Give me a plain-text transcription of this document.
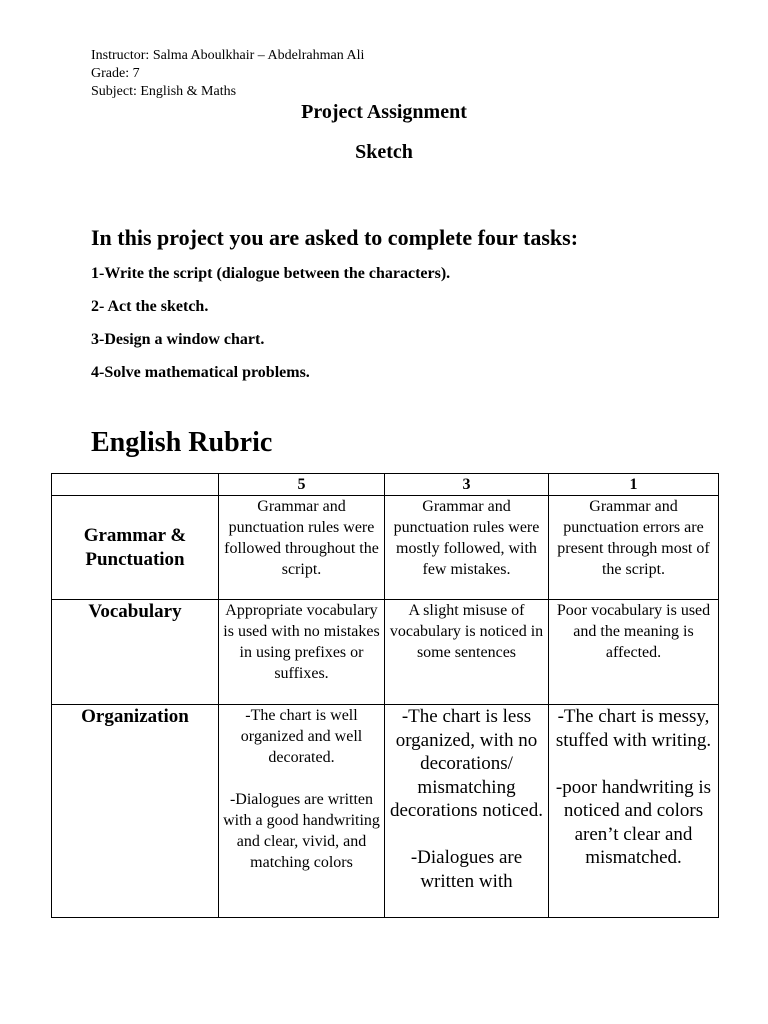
Instructor: Salma Aboulkhair – Abdelrahman Ali
Grade: 7
Subject: English & Maths
Project Assignment
Sketch
In this project you are asked to complete four tasks:
1-Write the script (dialogue between the characters).
2- Act the sketch.
3-Design a window chart.
4-Solve mathematical problems.
English Rubric
	5	3	1
Grammar & Punctuation	Grammar and punctuation rules were followed throughout the script.	Grammar and punctuation rules were mostly followed, with few mistakes.	Grammar and punctuation errors are present through most of the script.
Vocabulary	Appropriate vocabulary is used with no mistakes in using prefixes or suffixes.	A slight misuse of vocabulary is noticed in some sentences	Poor vocabulary is used and the meaning is affected.
Organization	-The chart is well organized and well decorated.

-Dialogues are written with a good handwriting and clear, vivid, and matching colors	-The chart is less organized, with no decorations/ mismatching decorations noticed.

-Dialogues are written with	-The chart is messy, stuffed with writing.

-poor handwriting is noticed and colors aren’t clear and mismatched.
